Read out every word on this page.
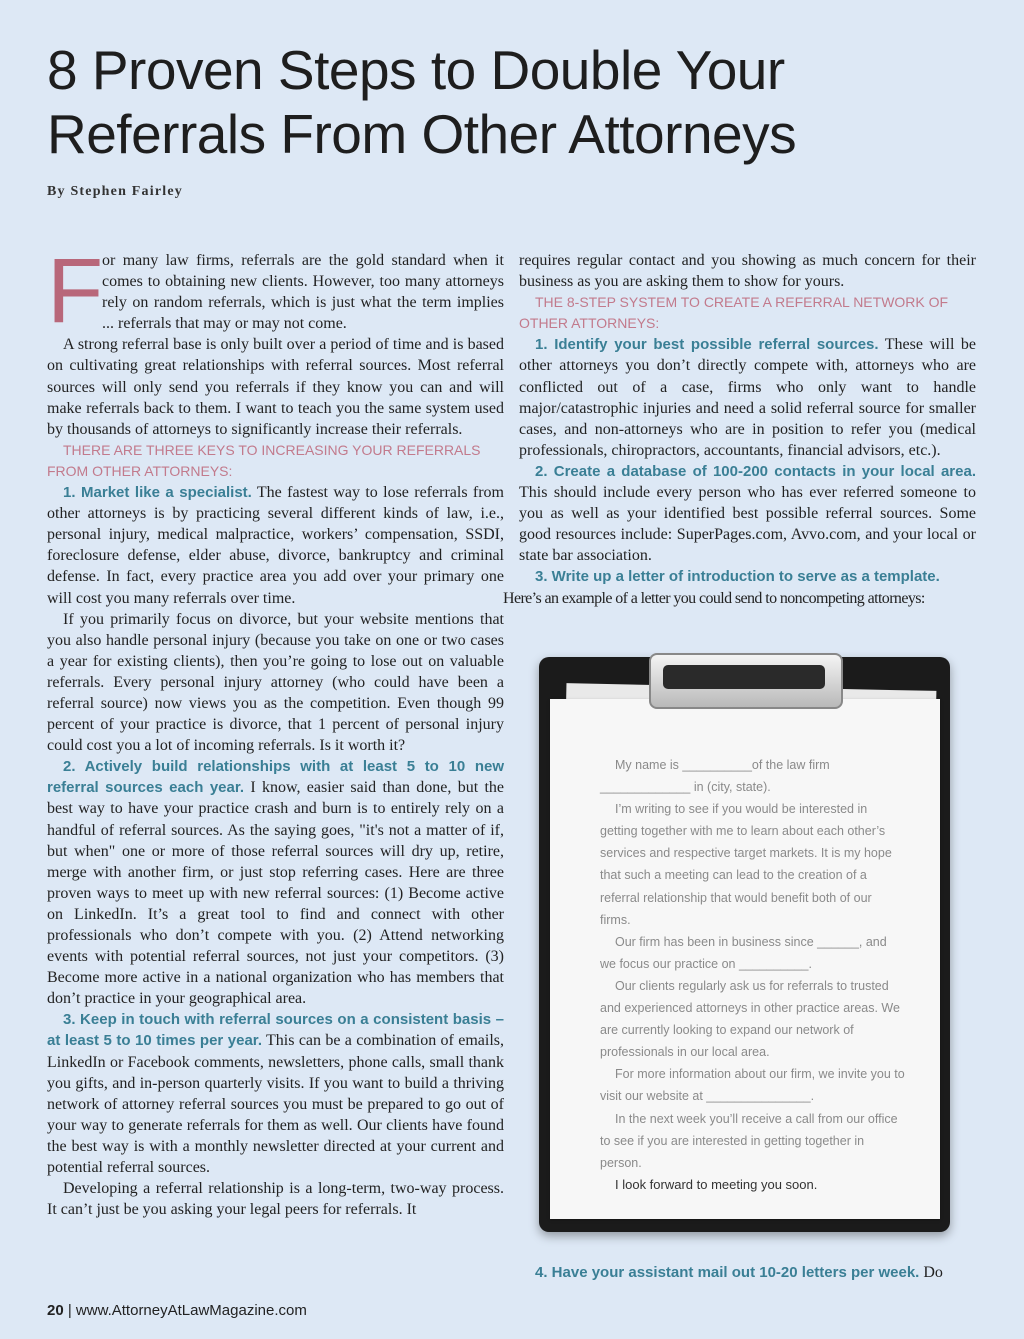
8 Proven Steps to Double Your
Referrals From Other Attorneys
By Stephen Fairley

F
or many law firms, referrals are the gold standard when it comes to obtaining new clients. However, too many attorneys rely on random referrals, which is just what the term implies ... referrals that may or may not come.

A strong referral base is only built over a period of time and is based on cultivating great relationships with referral sources. Most referral sources will only send you referrals if they know you can and will make referrals back to them. I want to teach you the same system used by thousands of attorneys to significantly increase their referrals.

THERE ARE THREE KEYS TO INCREASING YOUR REFERRALS FROM OTHER ATTORNEYS:

1. Market like a specialist. The fastest way to lose referrals from other attorneys is by practicing several different kinds of law, i.e., personal injury, medical malpractice, workers’ compensation, SSDI, foreclosure defense, elder abuse, divorce, bankruptcy and criminal defense. In fact, every practice area you add over your primary one will cost you many referrals over time.

If you primarily focus on divorce, but your website mentions that you also handle personal injury (because you take on one or two cases a year for existing clients), then you’re going to lose out on valuable referrals. Every personal injury attorney (who could have been a referral source) now views you as the competition. Even though 99 percent of your practice is divorce, that 1 percent of personal injury could cost you a lot of incoming referrals. Is it worth it?

2. Actively build relationships with at least 5 to 10 new referral sources each year. I know, easier said than done, but the best way to have your practice crash and burn is to entirely rely on a handful of referral sources. As the saying goes, "it's not a matter of if, but when" one or more of those referral sources will dry up, retire, merge with another firm, or just stop referring cases. Here are three proven ways to meet up with new referral sources: (1) Become active on LinkedIn. It’s a great tool to find and connect with other professionals who don’t compete with you. (2) Attend networking events with potential referral sources, not just your competitors. (3) Become more active in a national organization who has members that don’t practice in your geographical area.

3. Keep in touch with referral sources on a consistent basis – at least 5 to 10 times per year. This can be a combination of emails, LinkedIn or Facebook comments, newsletters, phone calls, small thank you gifts, and in-person quarterly visits. If you want to build a thriving network of attorney referral sources you must be prepared to go out of your way to generate referrals for them as well. Our clients have found the best way is with a monthly newsletter directed at your current and potential referral sources.

Developing a referral relationship is a long-term, two-way process. It can’t just be you asking your legal peers for referrals. It

requires regular contact and you showing as much concern for their business as you are asking them to show for yours.

THE 8-STEP SYSTEM TO CREATE A REFERRAL NETWORK OF OTHER ATTORNEYS:

1. Identify your best possible referral sources. These will be other attorneys you don’t directly compete with, attorneys who are conflicted out of a case, firms who only want to handle major/catastrophic injuries and need a solid referral source for smaller cases, and non-attorneys who are in position to refer you (medical professionals, chiropractors, accountants, financial advisors, etc.).

2. Create a database of 100-200 contacts in your local area. This should include every person who has ever referred someone to you as well as your identified best possible referral sources. Some good resources include: SuperPages.com, Avvo.com, and your local or state bar association.

3. Write up a letter of introduction to serve as a template.
Here’s an example of a letter you could send to noncompeting attorneys:

My name is __________of the law firm _____________ in (city, state).

I’m writing to see if you would be interested in getting together with me to learn about each other’s services and respective target markets. It is my hope that such a meeting can lead to the creation of a referral relationship that would benefit both of our firms.

Our firm has been in business since ______, and we focus our practice on __________.

Our clients regularly ask us for referrals to trusted and experienced attorneys in other practice areas. We are currently looking to expand our network of professionals in our local area.

For more information about our firm, we invite you to visit our website at _______________.

In the next week you’ll receive a call from our office to see if you are interested in getting together in person.

I look forward to meeting you soon.

4. Have your assistant mail out 10-20 letters per week. Do

20 | www.AttorneyAtLawMagazine.com
